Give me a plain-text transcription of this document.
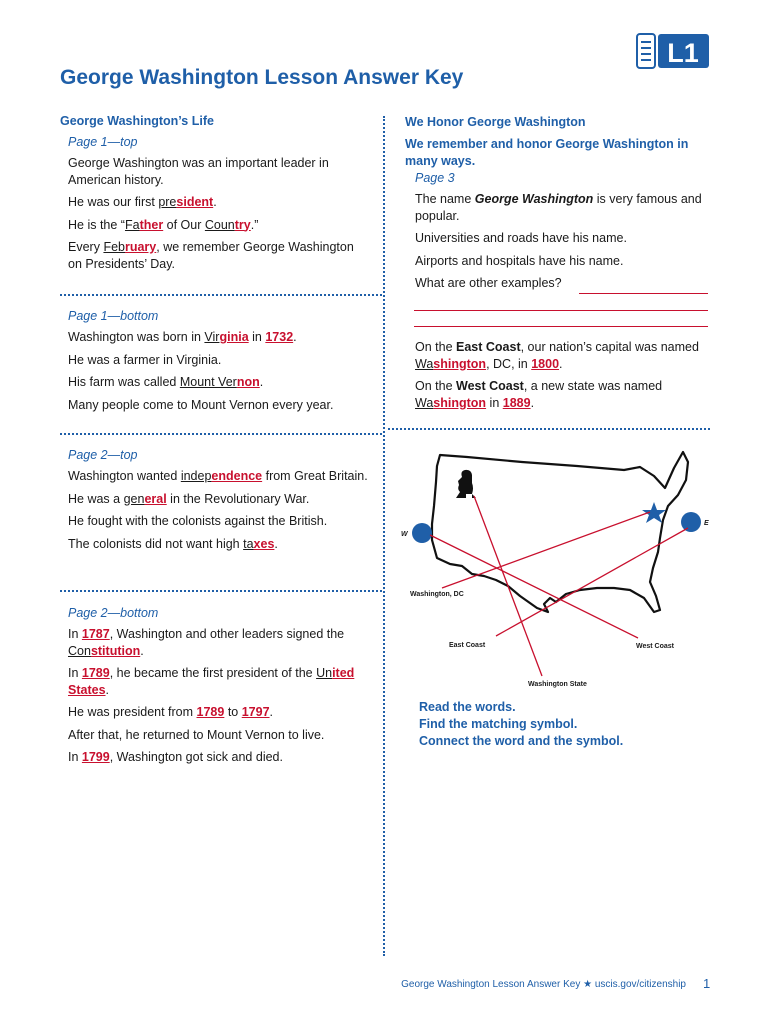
George Washington Lesson Answer Key
L1
George Washington’s Life
Page 1—top
George Washington was an important leader in American history.
He was our first president.
He is the “Father of Our Country.”
Every February, we remember George Washington on Presidents’ Day.
Page 1—bottom
Washington was born in Virginia in 1732.
He was a farmer in Virginia.
His farm was called Mount Vernon.
Many people come to Mount Vernon every year.
Page 2—top
Washington wanted independence from Great Britain.
He was a general in the Revolutionary War.
He fought with the colonists against the British.
The colonists did not want high taxes.
Page 2—bottom
In 1787, Washington and other leaders signed the Constitution.
In 1789, he became the first president of the United States.
He was president from 1789 to 1797.
After that, he returned to Mount Vernon to live.
In 1799, Washington got sick and died.
We Honor George Washington
We remember and honor George Washington in many ways.
Page 3
The name George Washington is very famous and popular.
Universities and roads have his name.
Airports and hospitals have his name.
What are other examples?
On the East Coast, our nation’s capital was named Washington, DC, in 1800.
On the West Coast, a new state was named Washington in 1889.
W
E
Washington, DC
East Coast	West Coast
Washington State
Read the words.
Find the matching symbol.
Connect the word and the symbol.
George Washington Lesson Answer Key ★ uscis.gov/citizenship 1
